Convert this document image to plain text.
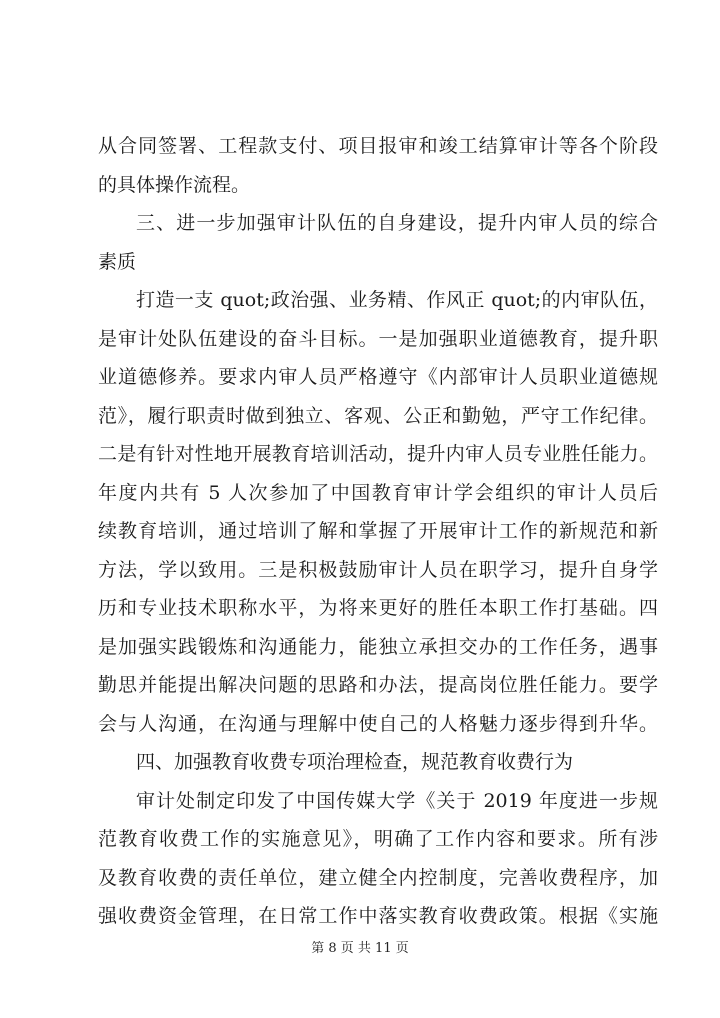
从合同签署、工程款支付、项目报审和竣工结算审计等各个阶段
的具体操作流程。
三、进一步加强审计队伍的自身建设，提升内审人员的综合
素质
打造一支 quot;政治强、业务精、作风正 quot;的内审队伍，
是审计处队伍建设的奋斗目标。一是加强职业道德教育，提升职
业道德修养。要求内审人员严格遵守《内部审计人员职业道德规
范》，履行职责时做到独立、客观、公正和勤勉，严守工作纪律。
二是有针对性地开展教育培训活动，提升内审人员专业胜任能力。
年度内共有 5 人次参加了中国教育审计学会组织的审计人员后
续教育培训，通过培训了解和掌握了开展审计工作的新规范和新
方法，学以致用。三是积极鼓励审计人员在职学习，提升自身学
历和专业技术职称水平，为将来更好的胜任本职工作打基础。四
是加强实践锻炼和沟通能力，能独立承担交办的工作任务，遇事
勤思并能提出解决问题的思路和办法，提高岗位胜任能力。要学
会与人沟通，在沟通与理解中使自己的人格魅力逐步得到升华。
四、加强教育收费专项治理检查，规范教育收费行为
审计处制定印发了中国传媒大学《关于 2019 年度进一步规
范教育收费工作的实施意见》，明确了工作内容和要求。所有涉
及教育收费的责任单位，建立健全内控制度，完善收费程序，加
强收费资金管理，在日常工作中落实教育收费政策。根据《实施
第 8 页 共 11 页
